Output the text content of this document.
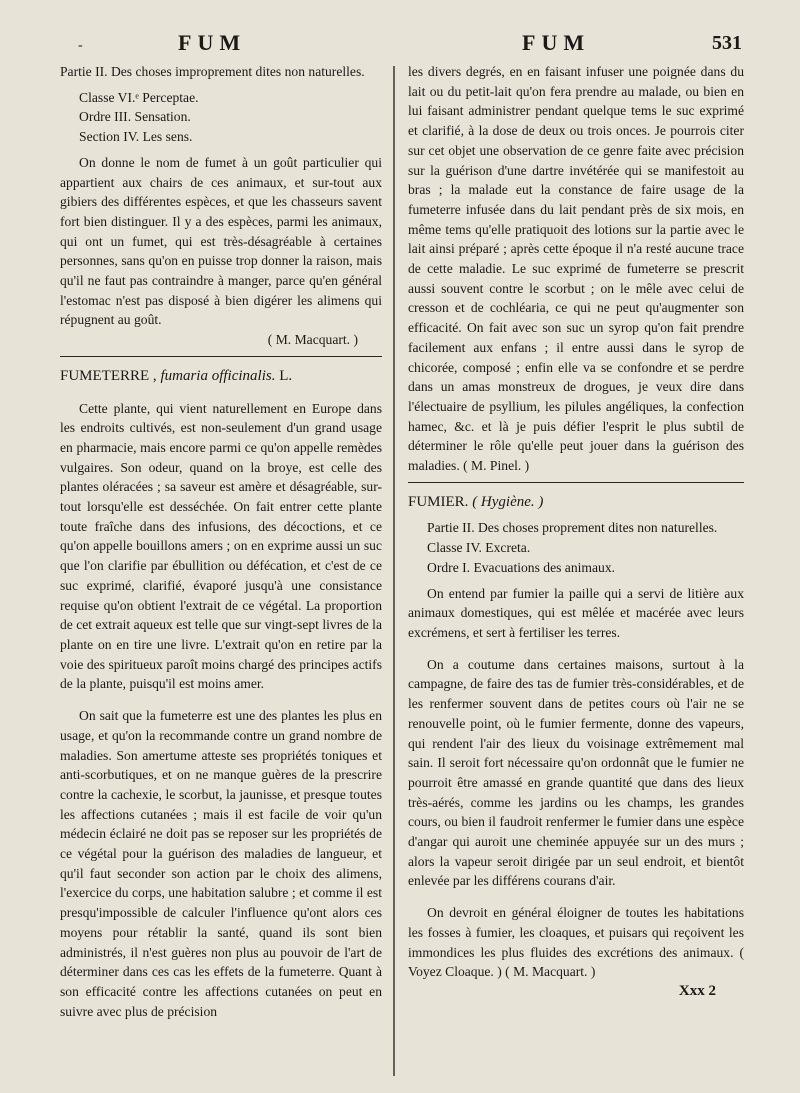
-	FUM	FUM	531

Partie II. Des choses improprement dites non naturelles.

Classe VI.ᵉ Perceptae.

Ordre III. Sensation.

Section IV. Les sens.

On donne le nom de fumet à un goût particulier qui appartient aux chairs de ces animaux, et sur-tout aux gibiers des différentes espèces, et que les chasseurs savent fort bien distinguer. Il y a des espèces, parmi les animaux, qui ont un fumet, qui est très-désagréable à certaines personnes, sans qu'on en puisse trop donner la raison, mais qu'il ne faut pas contraindre à manger, parce qu'en général l'estomac n'est pas disposé à bien digérer les alimens qui répugnent au goût.

( M. Macquart. )

FUMETERRE , fumaria officinalis. L.

Cette plante, qui vient naturellement en Europe dans les endroits cultivés, est non-seulement d'un grand usage en pharmacie, mais encore parmi ce qu'on appelle remèdes vulgaires. Son odeur, quand on la broye, est celle des plantes oléracées ; sa saveur est amère et désagréable, sur-tout lorsqu'elle est desséchée. On fait entrer cette plante toute fraîche dans des infusions, des décoctions, et ce qu'on appelle bouillons amers ; on en exprime aussi un suc que l'on clarifie par ébullition ou défécation, et c'est de ce suc exprimé, clarifié, évaporé jusqu'à une consistance requise qu'on obtient l'extrait de ce végétal. La proportion de cet extrait aqueux est telle que sur vingt-sept livres de la plante on en tire une livre. L'extrait qu'on en retire par la voie des spiritueux paroît moins chargé des principes actifs de la plante, puisqu'il est moins amer.

On sait que la fumeterre est une des plantes les plus en usage, et qu'on la recommande contre un grand nombre de maladies. Son amertume atteste ses propriétés toniques et anti-scorbutiques, et on ne manque guères de la prescrire contre la cachexie, le scorbut, la jaunisse, et presque toutes les affections cutanées ; mais il est facile de voir qu'un médecin éclairé ne doit pas se reposer sur les propriétés de ce végétal pour la guérison des maladies de langueur, et qu'il faut seconder son action par le choix des alimens, l'exercice du corps, une habitation salubre ; et comme il est presqu'impossible de calculer l'influence qu'ont alors ces moyens pour rétablir la santé, quand ils sont bien administrés, il n'est guères non plus au pouvoir de l'art de déterminer dans ces cas les effets de la fumeterre. Quant à son efficacité contre les affections cutanées on peut en suivre avec plus de précision

les divers degrés, en en faisant infuser une poignée dans du lait ou du petit-lait qu'on fera prendre au malade, ou bien en lui faisant administrer pendant quelque tems le suc exprimé et clarifié, à la dose de deux ou trois onces. Je pourrois citer sur cet objet une observation de ce genre faite avec précision sur la guérison d'une dartre invétérée qui se manifestoit au bras ; la malade eut la constance de faire usage de la fumeterre infusée dans du lait pendant près de six mois, en même tems qu'elle pratiquoit des lotions sur la partie avec le lait ainsi préparé ; après cette époque il n'a resté aucune trace de cette maladie. Le suc exprimé de fumeterre se prescrit aussi souvent contre le scorbut ; on le mêle avec celui de cresson et de cochléaria, ce qui ne peut qu'augmenter son efficacité. On fait avec son suc un syrop qu'on fait prendre facilement aux enfans ; il entre aussi dans le syrop de chicorée, composé ; enfin elle va se confondre et se perdre dans un amas monstreux de drogues, je veux dire dans l'électuaire de psyllium, les pilules angéliques, la confection hamec, &c. et là je puis défier l'esprit le plus subtil de déterminer le rôle qu'elle peut jouer dans la guérison des maladies. ( M. Pinel. )

FUMIER. ( Hygiène. )

Partie II. Des choses proprement dites non naturelles.

Classe IV. Excreta.

Ordre I. Evacuations des animaux.

On entend par fumier la paille qui a servi de litière aux animaux domestiques, qui est mêlée et macérée avec leurs excrémens, et sert à fertiliser les terres.

On a coutume dans certaines maisons, surtout à la campagne, de faire des tas de fumier très-considérables, et de les renfermer souvent dans de petites cours où l'air ne se renouvelle point, où le fumier fermente, donne des vapeurs, qui rendent l'air des lieux du voisinage extrêmement mal sain. Il seroit fort nécessaire qu'on ordonnât que le fumier ne pourroit être amassé en grande quantité que dans des lieux très-aérés, comme les jardins ou les champs, les grandes cours, ou bien il faudroit renfermer le fumier dans une espèce d'angar qui auroit une cheminée appuyée sur un des murs ; alors la vapeur seroit dirigée par un seul endroit, et bientôt enlevée par les différens courans d'air.

On devroit en général éloigner de toutes les habitations les fosses à fumier, les cloaques, et puisars qui reçoivent les immondices les plus fluides des excrétions des animaux. ( Voyez Cloaque. ) ( M. Macquart. )

Xxx 2
